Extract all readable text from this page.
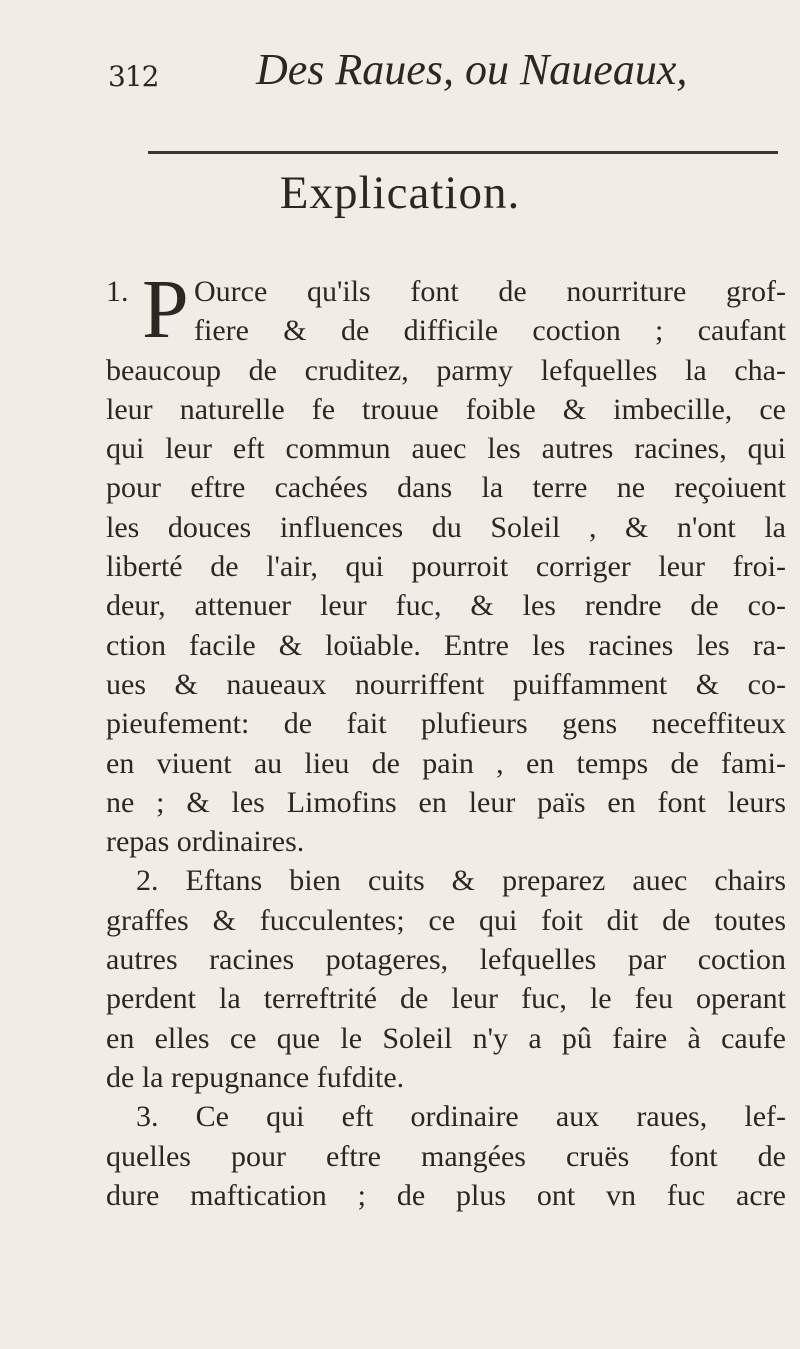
312 Des Raues, ou Naueaux,
Explication.
P
1.	Ource qu'ils font de nourriture grof-
fiere & de difficile coction ; caufant
beaucoup de cruditez, parmy lefquelles la cha-
leur naturelle fe trouue foible & imbecille, ce
qui leur eft commun auec les autres racines, qui
pour eftre cachées dans la terre ne reçoiuent
les douces influences du Soleil , & n'ont la
liberté de l'air, qui pourroit corriger leur froi-
deur, attenuer leur fuc, & les rendre de co-
ction facile & loüable. Entre les racines les ra-
ues & naueaux nourriffent puiffamment & co-
pieufement: de fait plufieurs gens neceffiteux
en viuent au lieu de pain , en temps de fami-
ne ; & les Limofins en leur païs en font leurs
repas ordinaires.
2. Eftans bien cuits & preparez auec chairs
graffes & fucculentes; ce qui foit dit de toutes
autres racines potageres, lefquelles par coction
perdent la terreftrité de leur fuc, le feu operant
en elles ce que le Soleil n'y a pû faire à caufe
de la repugnance fufdite.
3. Ce qui eft ordinaire aux raues, lef-
quelles pour eftre mangées cruës font de
dure maftication ; de plus ont vn fuc acre
